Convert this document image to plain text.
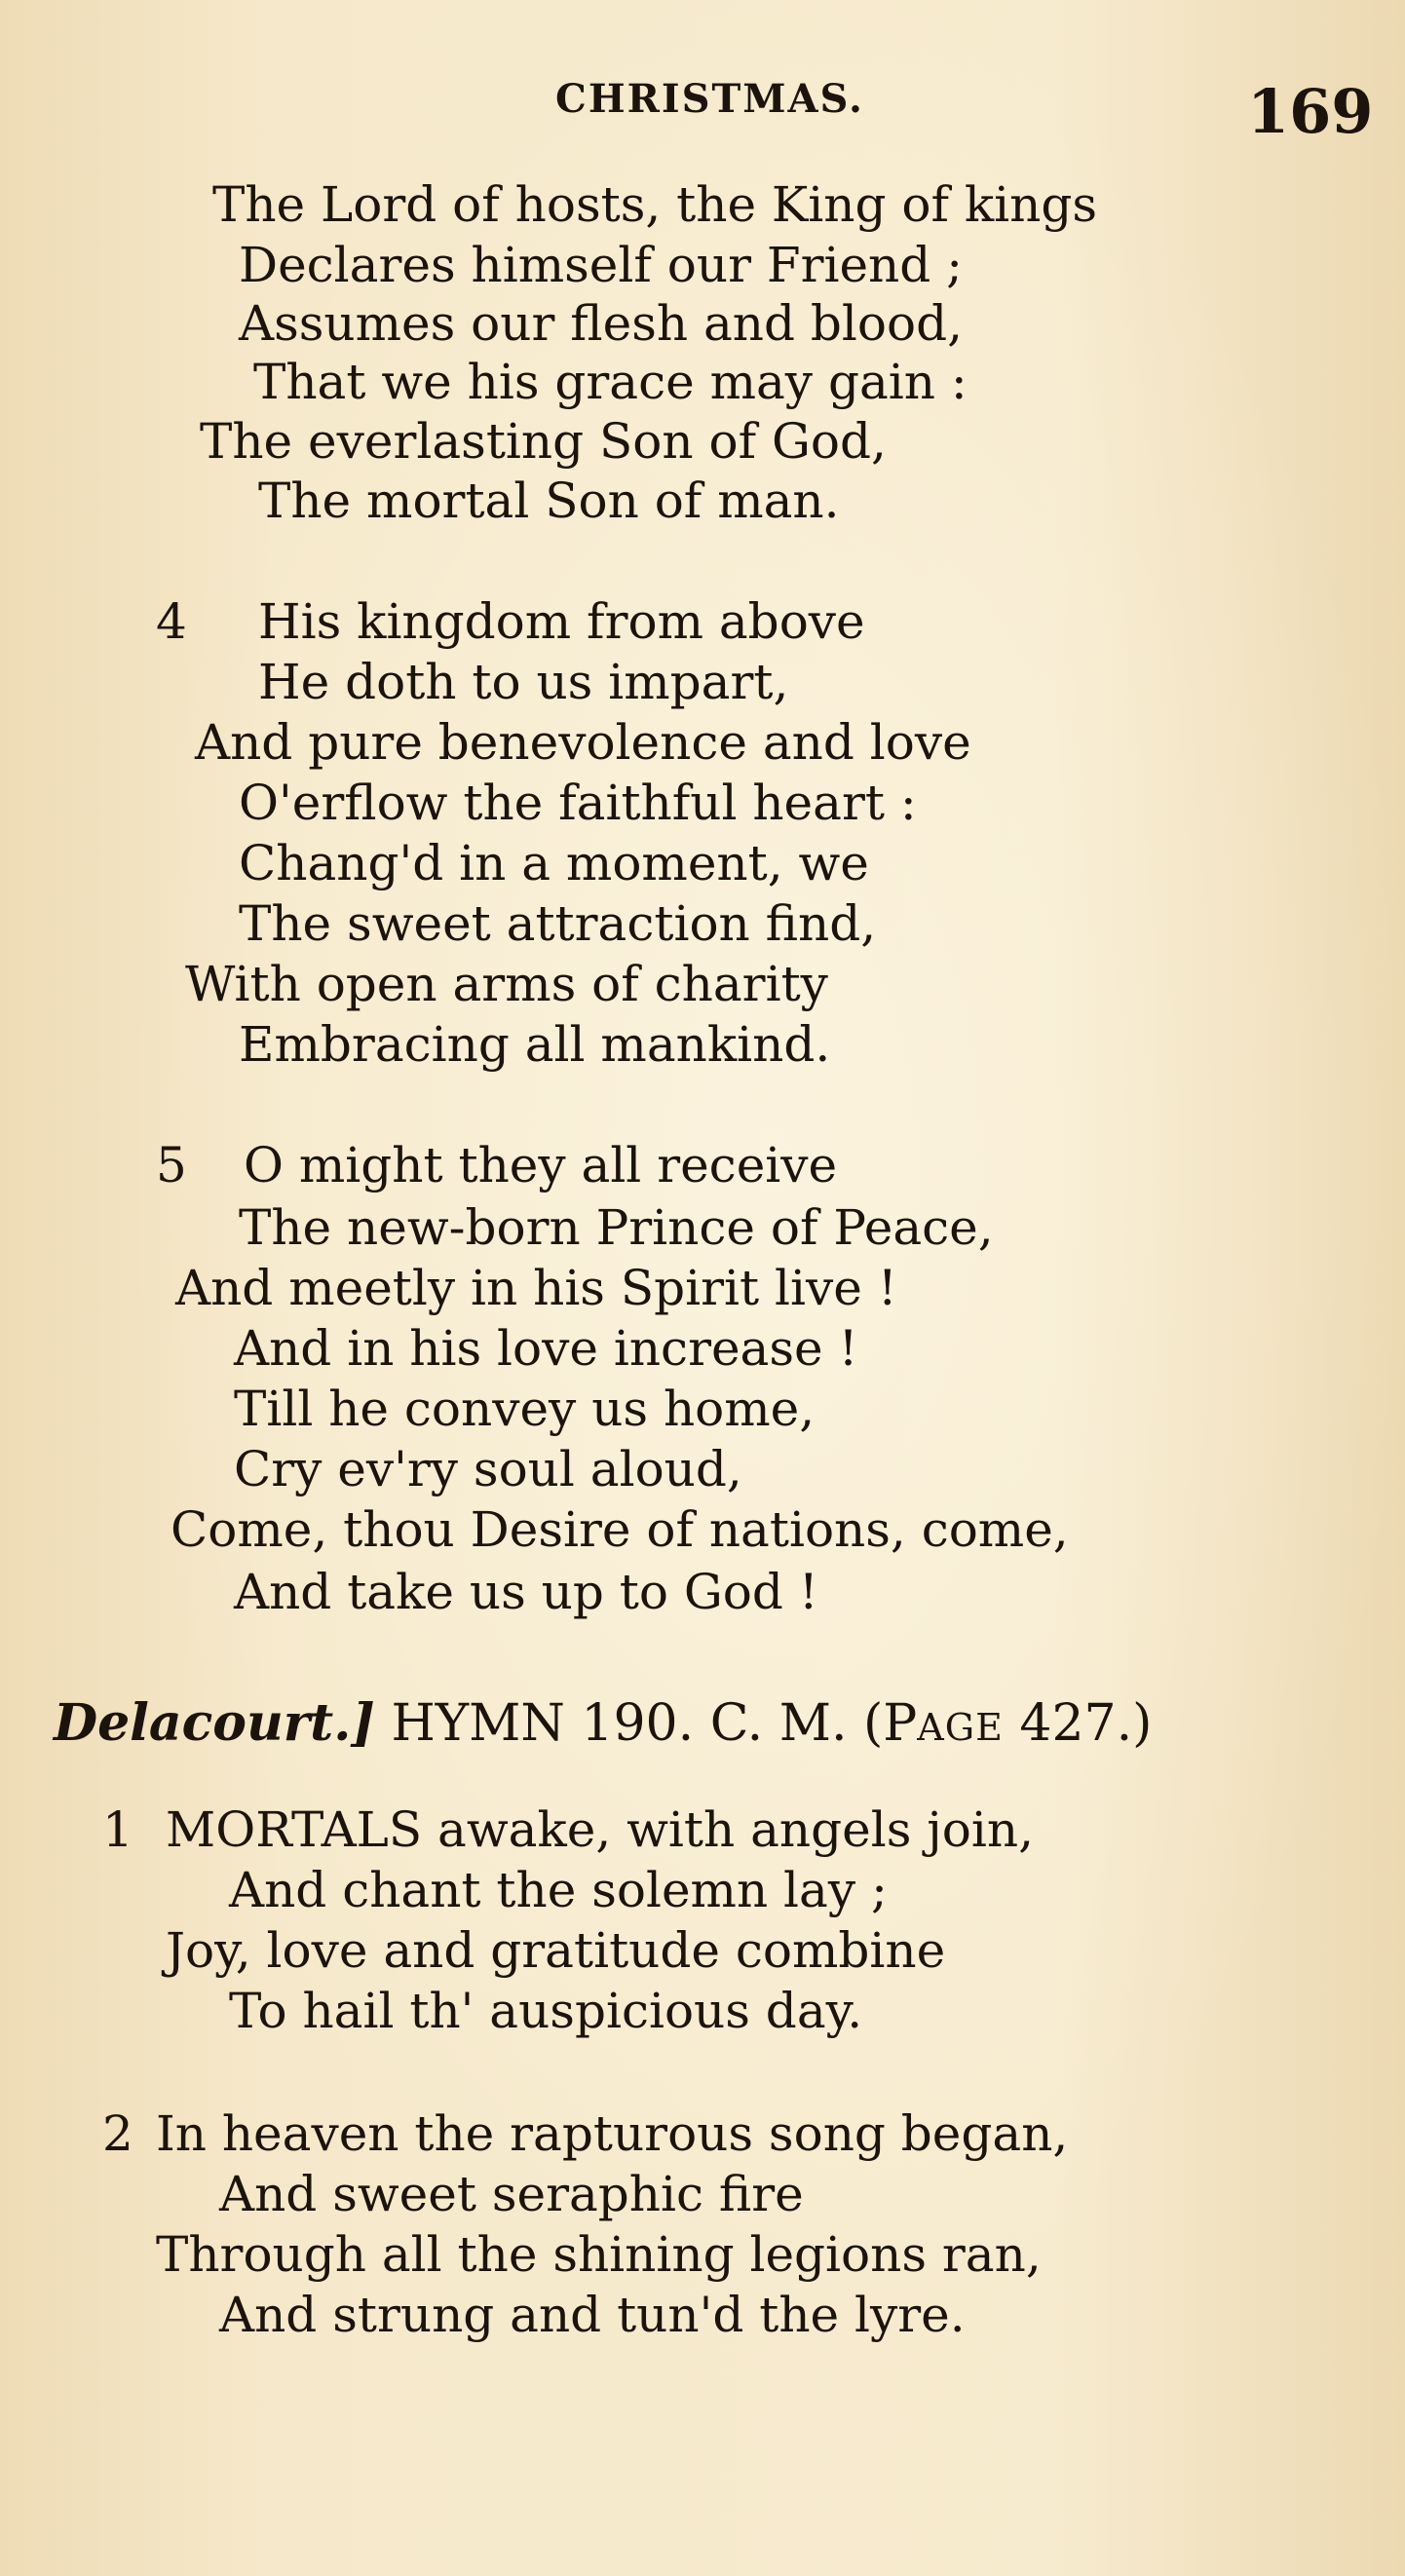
CHRISTMAS.	169
The Lord of hosts, the King of kings
Declares himself our Friend ;
Assumes our flesh and blood,
That we his grace may gain :
The everlasting Son of God,
The mortal Son of man.
4 His kingdom from above
He doth to us impart,
And pure benevolence and love
O'erflow the faithful heart :
Chang'd in a moment, we
The sweet attraction find,
With open arms of charity
Embracing all mankind.
5 O might they all receive
The new-born Prince of Peace,
And meetly in his Spirit live !
And in his love increase !
Till he convey us home,
Cry ev'ry soul aloud,
Come, thou Desire of nations, come,
And take us up to God !
Delacourt.] HYMN 190. C. M. (PAGE 427.)
1 MORTALS awake, with angels join,
And chant the solemn lay ;
Joy, love and gratitude combine
To hail th' auspicious day.
2 In heaven the rapturous song began,
And sweet seraphic fire
Through all the shining legions ran,
And strung and tun'd the lyre.
